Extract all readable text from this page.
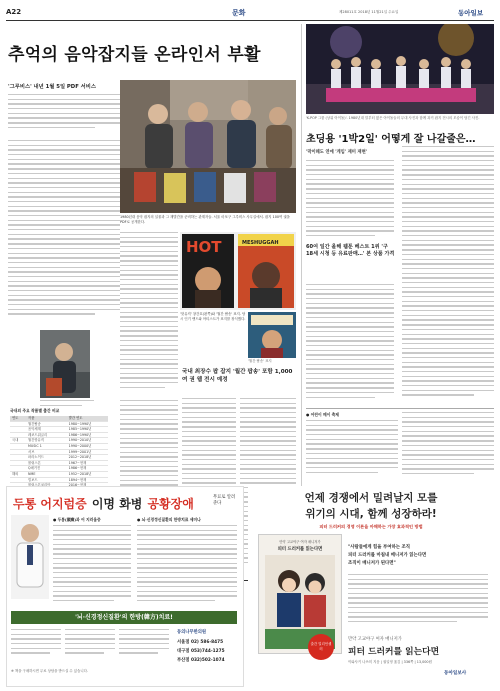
A22	문화	제28011호 2018년 11월21일 수요일	동아일보
추억의 음악잡지들 온라인서 부활
'그루비스' 내년 1월 5일 PDF 서비스
1980년대 음악 잡지의 실물과 그 재발간을 준비하는 관계자들. 서울 마포구 그루비스 사무실에서. 잡지 100여 권을 PDF로 공개한다.
국내외 주요 작품별 출간 비교
연도	작품	발간 연도
	월간팝송	1980~1990년
	음악세계	1985~1990년
	레코드위클리	1986~1990년
국내	월간핫뮤직	1990~2010년
	MUSIC 1	1990~2000년
	서브	1999~2001년
	파라노이드	2012~2018년
	롤링스톤	1967~현재
	Q매거진	1986~현재
해외	NME	1952~2018년
	빌보드	1894~현재

HOT	MESHUGGAH
'핫뮤직' 창간호(왼쪽)와 '월간 팝송' 표지. 당시 인기 밴드와 아티스트가 표지를 장식했다.
'월간 팝송' 표지
국내 최장수 팝 잡지 '월간 팝송' 포함 1,000여 권 웹 전시 예정
'K-POP 그룹 (상위 아이돌)'. 1980년대 말부터 많은 아이돌들의 무대 사진과 함께 과거 잡지 전시의 모습이 담긴 사진.
초딩용 '1박2일' 어떻게 잘 나갈줄은…
'막이해도 연애 '게임' 재미 재현'
60여 일간 올해 웹툰 베스트 1위 '구 18세 시청 등 유료판매…' 본 상품 가격
● 어린이 메이 축제
두통 어지럼증 이명 화병 공황장애	무료로 알려준다
● 두통(頭痛)과 어 지러움증	● 뇌·신경정신질환의 한방치료 세미나
'뇌·신경정신질환'의 한방(韓方)치료!
동의나무한의원
서울점 02) 586-8475
대구점 053)744-1275
부산점 032)502-1074
※ 책을 구매하시면 무료 상담을 받으실 수 있습니다.
언제 경쟁에서 밀려날지 모를
위기의 시대, 함께 성장하라!
피터 드러커의 경영 이론을 아해하는 가장 효과적인 방법
만약 고교야구 여자 매니저가
피터 드러커를 읽는다면
출간 밀리언셀러
"사람들에게 힘을 부여하는 조직
피터 드러커를 마침내 매니저가 읽는다면
조직이 매니저가 된다면"
만약 고교야구 여자 매니저가
피터 드러커를 읽는다면
이와사키 나쓰미 지음 | 권일영 옮김 | 336쪽 | 13,000원
동아일보사
